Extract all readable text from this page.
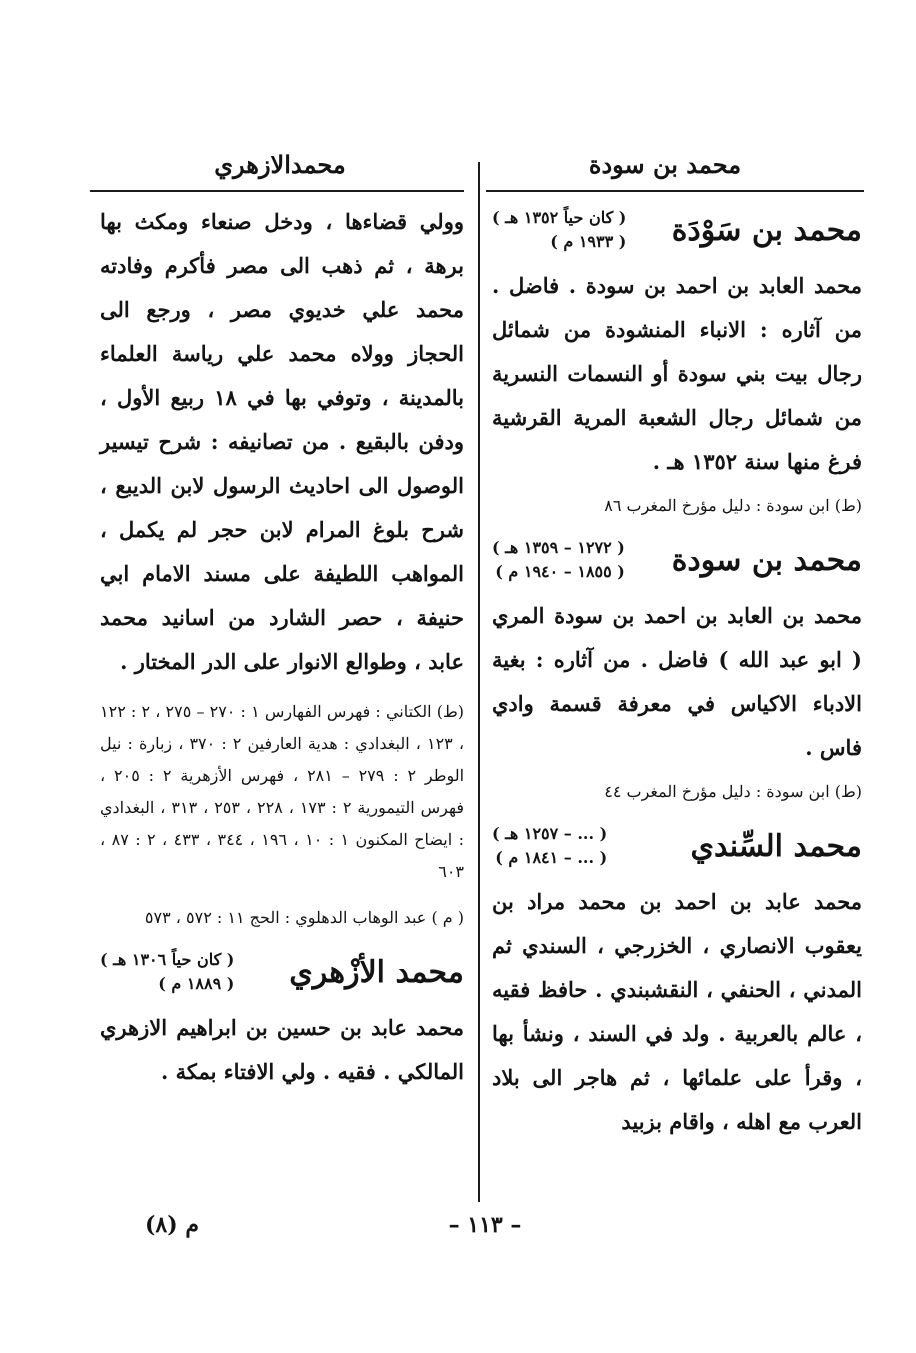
محمد بن سودة
محمدالازهري
محمد بن سَوْدَة
( كان حياً ١٣٥٢ هـ )
( ١٩٣٣ م )

محمد العابد بن احمد بن سودة . فاضل . من آثاره : الانباء المنشودة من شمائل رجال بيت بني سودة أو النسمات النسرية من شمائل رجال الشعبة المرية القرشية فرغ منها سنة ١٣٥٢ هـ .

(ط) ابن سودة : دليل مؤرخ المغرب ٨٦
محمد بن سودة
( ١٢٧٢ – ١٣٥٩ هـ )
( ١٨٥٥ – ١٩٤٠ م )

محمد بن العابد بن احمد بن سودة المري ( ابو عبد الله ) فاضل . من آثاره : بغية الادباء الاكياس في معرفة قسمة وادي فاس .

(ط) ابن سودة : دليل مؤرخ المغرب ٤٤
محمد السِّندي
( ... – ١٢٥٧ هـ )
( ... – ١٨٤١ م )

محمد عابد بن احمد بن محمد مراد بن يعقوب الانصاري ، الخزرجي ، السندي ثم المدني ، الحنفي ، النقشبندي . حافظ فقيه ، عالم بالعربية . ولد في السند ، ونشأ بها ، وقرأ على علمائها ، ثم هاجر الى بلاد العرب مع اهله ، واقام بزبيد

وولي قضاءها ، ودخل صنعاء ومكث بها برهة ، ثم ذهب الى مصر فأكرم وفادته محمد علي خديوي مصر ، ورجع الى الحجاز وولاه محمد علي رياسة العلماء بالمدينة ، وتوفي بها في ١٨ ربيع الأول ، ودفن بالبقيع . من تصانيفه : شرح تيسير الوصول الى احاديث الرسول لابن الديبع ، شرح بلوغ المرام لابن حجر لم يكمل ، المواهب اللطيفة على مسند الامام ابي حنيفة ، حصر الشارد من اسانيد محمد عابد ، وطوالع الانوار على الدر المختار .

(ط) الكتاني : فهرس الفهارس ١ : ٢٧٠ – ٢٧٥ ، ٢ : ١٢٢ ، ١٢٣ ، البغدادي : هدية العارفين ٢ : ٣٧٠ ، زبارة : نيل الوطر ٢ : ٢٧٩ – ٢٨١ ، فهرس الأزهرية ٢ : ٢٠٥ ، فهرس التيمورية ٢ : ١٧٣ ، ٢٢٨ ، ٢٥٣ ، ٣١٣ ، البغدادي : ايضاح المكنون ١ : ١٠ ، ١٩٦ ، ٣٤٤ ، ٤٣٣ ، ٢ : ٨٧ ، ٦٠٣
( م ) عبد الوهاب الدهلوي : الحج ١١ : ٥٧٢ ، ٥٧٣
محمد الأزْهري
( كان حياً ١٣٠٦ هـ )
( ١٨٨٩ م )

محمد عابد بن حسين بن ابراهيم الازهري المالكي . فقيه . ولي الافتاء بمكة .

– ١١٣ –
م (٨)
